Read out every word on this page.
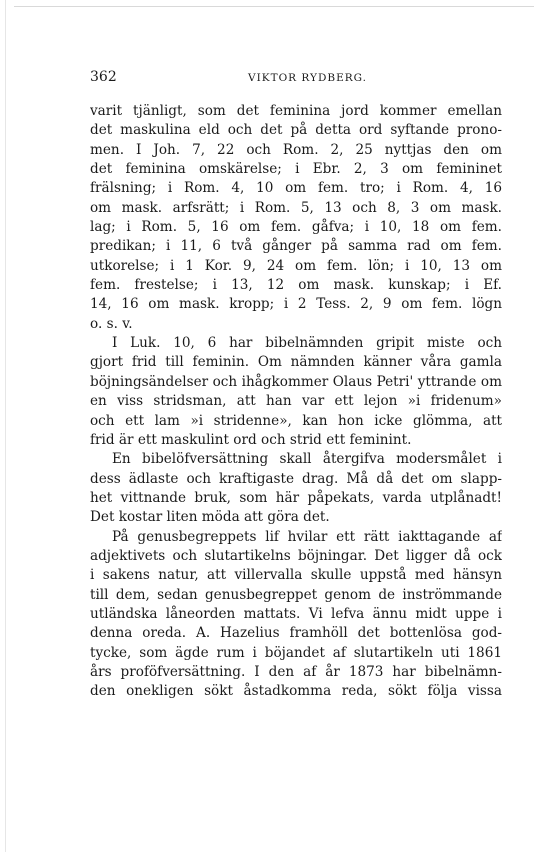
362	VIKTOR RYDBERG.
varit tjänligt, som det feminina jord kommer emellan
det maskulina eld och det på detta ord syftande prono-
men. I Joh. 7, 22 och Rom. 2, 25 nyttjas den om
det feminina omskärelse; i Ebr. 2, 3 om femininet
frälsning; i Rom. 4, 10 om fem. tro; i Rom. 4, 16
om mask. arfsrätt; i Rom. 5, 13 och 8, 3 om mask.
lag; i Rom. 5, 16 om fem. gåfva; i 10, 18 om fem.
predikan; i 11, 6 två gånger på samma rad om fem.
utkorelse; i 1 Kor. 9, 24 om fem. lön; i 10, 13 om
fem. frestelse; i 13, 12 om mask. kunskap; i Ef.
14, 16 om mask. kropp; i 2 Tess. 2, 9 om fem. lögn
o. s. v.
I Luk. 10, 6 har bibelnämnden gripit miste och
gjort frid till feminin. Om nämnden känner våra gamla
böjningsändelser och ihågkommer Olaus Petri' yttrande om
en viss stridsman, att han var ett lejon »i fridenum»
och ett lam »i stridenne», kan hon icke glömma, att
frid är ett maskulint ord och strid ett feminint.
En bibelöfversättning skall återgifva modersmålet i
dess ädlaste och kraftigaste drag. Må då det om slapp-
het vittnande bruk, som här påpekats, varda utplånadt!
Det kostar liten möda att göra det.
På genusbegreppets lif hvilar ett rätt iakttagande af
adjektivets och slutartikelns böjningar. Det ligger då ock
i sakens natur, att villervalla skulle uppstå med hänsyn
till dem, sedan genusbegreppet genom de inströmmande
utländska låneorden mattats. Vi lefva ännu midt uppe i
denna oreda. A. Hazelius framhöll det bottenlösa god-
tycke, som ägde rum i böjandet af slutartikeln uti 1861
års proföfversättning. I den af år 1873 har bibelnämn-
den onekligen sökt åstadkomma reda, sökt följa vissa
